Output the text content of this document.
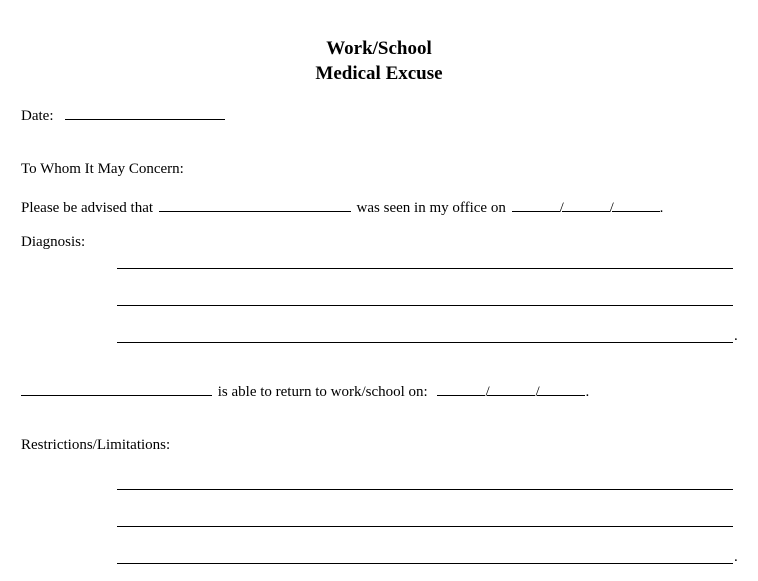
Work/School
Medical Excuse
Date:
To Whom It May Concern:
Please be advised that	was seen in my office on	/	/	.
Diagnosis:
.
is able to return to work/school on:	/	/	.
Restrictions/Limitations:
.
